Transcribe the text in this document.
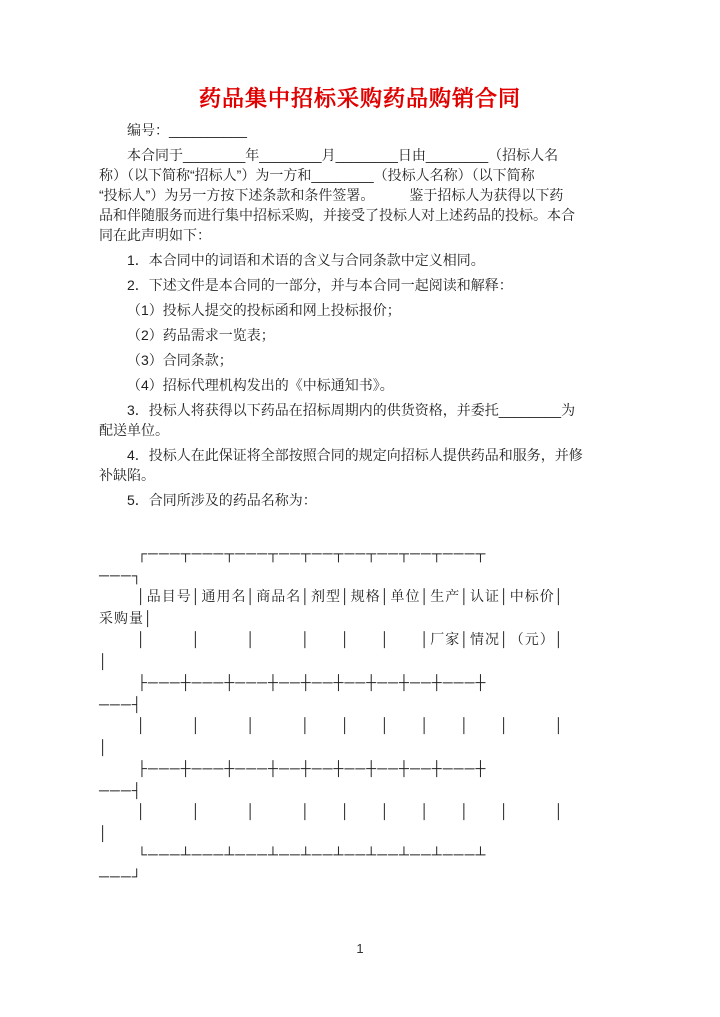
药品集中招标采购药品购销合同
编号：__________
本合同于________年________月________日由________（招标人名
称）（以下简称“招标人”）为一方和________（投标人名称）（以下简称
“投标人”）为另一方按下述条款和条件签署。　　　鉴于招标人为获得以下药
品和伴随服务而进行集中招标采购，并接受了投标人对上述药品的投标。本合
同在此声明如下：
1．本合同中的词语和术语的含义与合同条款中定义相同。
2．下述文件是本合同的一部分，并与本合同一起阅读和解释：
（1）投标人提交的投标函和网上投标报价；
（2）药品需求一览表；
（3）合同条款；
（4）招标代理机构发出的《中标通知书》。
3．投标人将获得以下药品在招标周期内的供货资格，并委托________为
配送单位。
4．投标人在此保证将全部按照合同的规定向招标人提供药品和服务，并修
补缺陷。
5．合同所涉及的药品名称为：
┌───┬───┬───┬──┬──┬──┬──┬──┬───┬
───┐
│品目号│通用名│商品名│剂型│规格│单位│生产│认证│中标价│
采购量│
│　　　│　　　│　　　│　　│　　│　　│厂家│情况│（元）│
│
├───┼───┼───┼──┼──┼──┼──┼──┼───┼
───┤
│　　　│　　　│　　　│　　│　　│　　│　　│　　│　　　│
│
├───┼───┼───┼──┼──┼──┼──┼──┼───┼
───┤
│　　　│　　　│　　　│　　│　　│　　│　　│　　│　　　│
│
└───┴───┴───┴──┴──┴──┴──┴──┴───┴
───┘
1
